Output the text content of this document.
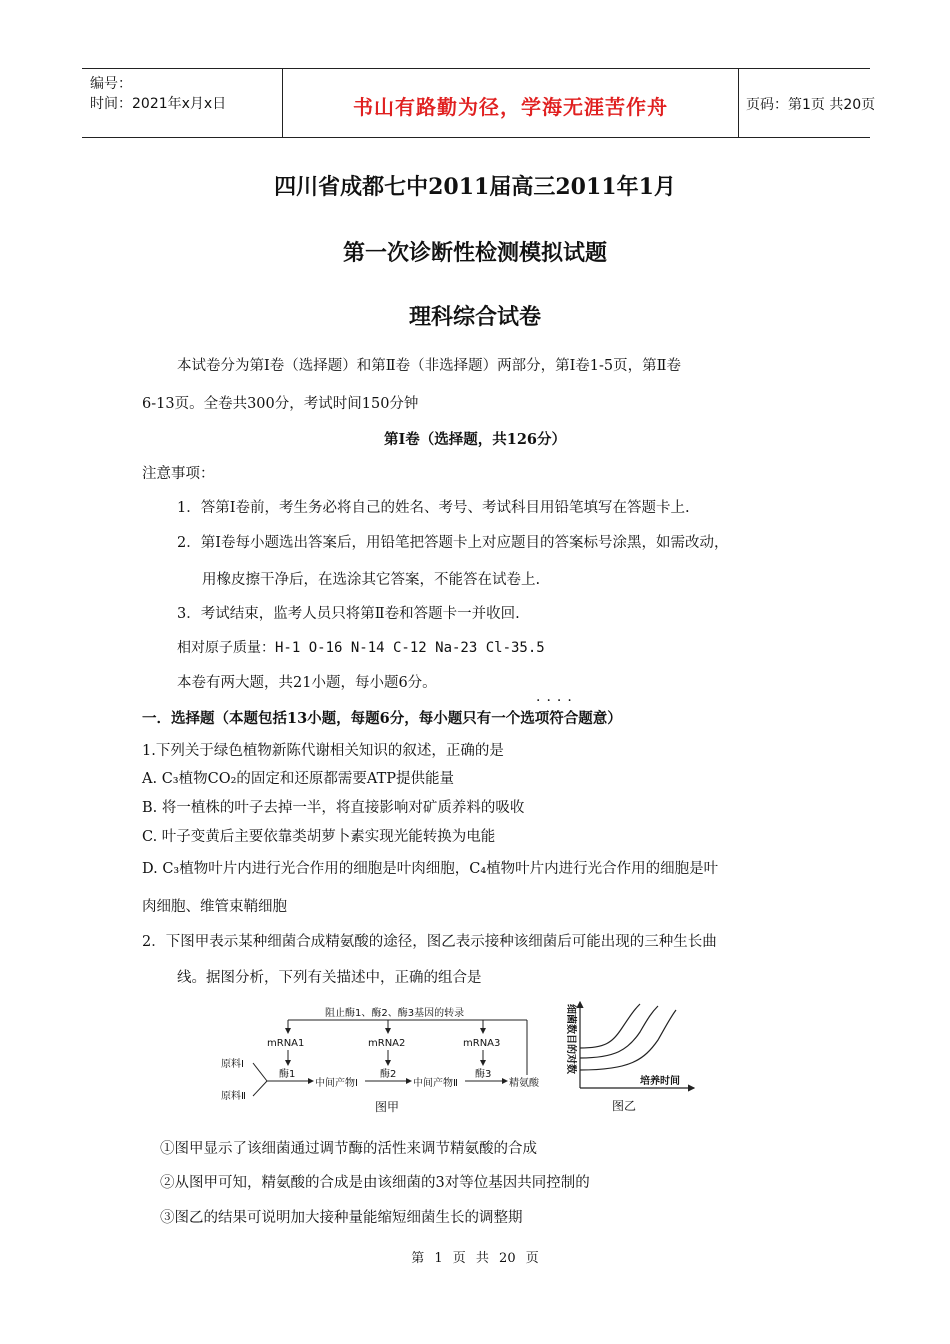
编号：
时间：2021年x月x日	书山有路勤为径，学海无涯苦作舟	页码：第1页 共20页
四川省成都七中2011届高三2011年1月
第一次诊断性检测模拟试题
理科综合试卷
本试卷分为第Ⅰ卷（选择题）和第Ⅱ卷（非选择题）两部分，第Ⅰ卷1-5页，第Ⅱ卷
6-13页。全卷共300分，考试时间150分钟
第Ⅰ卷（选择题，共126分）
注意事项：
1．答第Ⅰ卷前，考生务必将自己的姓名、考号、考试科目用铅笔填写在答题卡上.
2．第Ⅰ卷每小题选出答案后，用铅笔把答题卡上对应题目的答案标号涂黑，如需改动，
用橡皮擦干净后，在选涂其它答案，不能答在试卷上.
3．考试结束，监考人员只将第Ⅱ卷和答题卡一并收回.
相对原子质量：H-1 O-16 N-14 C-12 Na-23 Cl-35.5
本卷有两大题，共21小题，每小题6分。
····
一．选择题（本题包括13小题，每题6分，每小题只有一个选项符合题意）
1.下列关于绿色植物新陈代谢相关知识的叙述，正确的是
A. C₃植物CO₂的固定和还原都需要ATP提供能量
B. 将一植株的叶子去掉一半，将直接影响对矿质养料的吸收
C. 叶子变黄后主要依靠类胡萝卜素实现光能转换为电能
D. C₃植物叶片内进行光合作用的细胞是叶肉细胞，C₄植物叶片内进行光合作用的细胞是叶
肉细胞、维管束鞘细胞
2．下图甲表示某种细菌合成精氨酸的途径，图乙表示接种该细菌后可能出现的三种生长曲
线。据图分析，下列有关描述中，正确的组合是
阻止酶1、酶2、酶3基因的转录
mRNA1	mRNA2	mRNA3
原料Ⅰ
原料Ⅱ
酶1	酶2	酶3
中间产物Ⅰ	中间产物Ⅱ	精氨酸
图甲
细菌数目的对数
培养时间
图乙
①图甲显示了该细菌通过调节酶的活性来调节精氨酸的合成
②从图甲可知，精氨酸的合成是由该细菌的3对等位基因共同控制的
③图乙的结果可说明加大接种量能缩短细菌生长的调整期
第 1 页 共 20 页
